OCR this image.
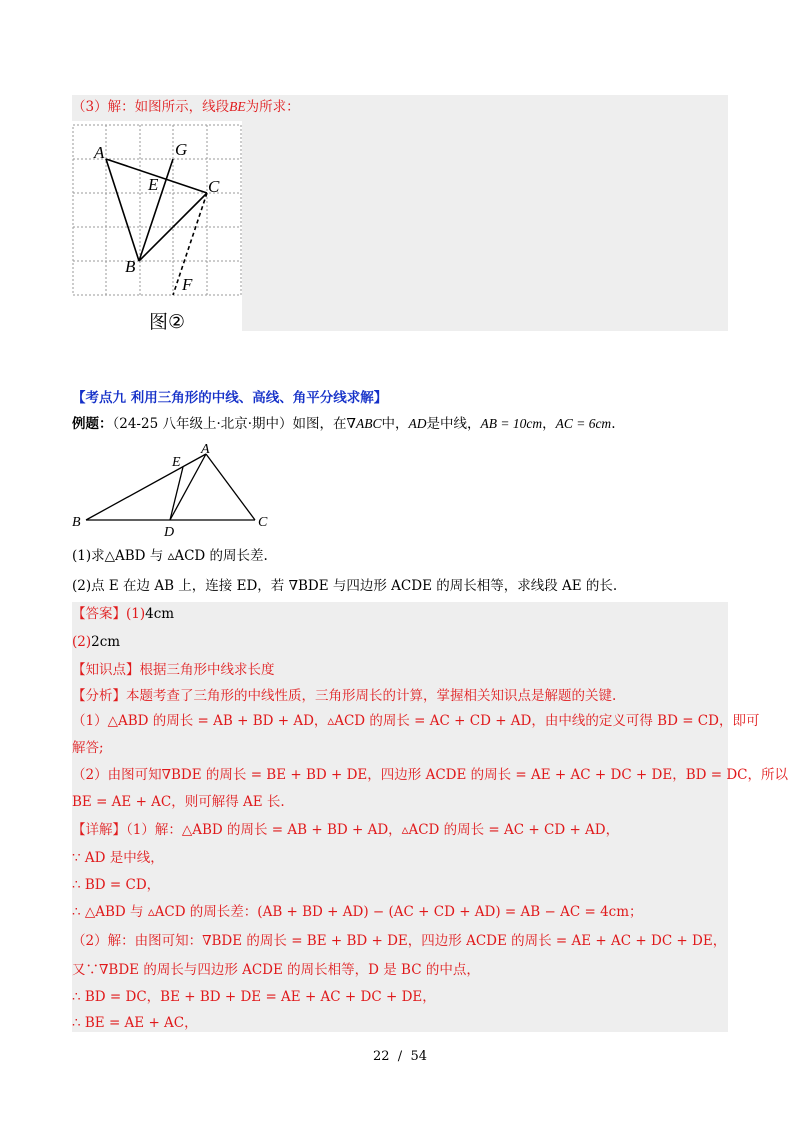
（3）解：如图所示，线段BE为所求：
A	G
E	C
B
F
图②
【考点九 利用三角形的中线、高线、角平分线求解】
例题：（24-25 八年级上·北京·期中）如图，在∇ABC中，AD是中线，AB = 10cm，AC = 6cm.
A
E
B
D
C
(1)求△ABD 与 ▵ACD 的周长差.
(2)点 E 在边 AB 上，连接 ED，若 ∇BDE 与四边形 ACDE 的周长相等，求线段 AE 的长.
【答案】(1)4cm
(2)2cm
【知识点】根据三角形中线求长度
【分析】本题考查了三角形的中线性质，三角形周长的计算，掌握相关知识点是解题的关键.
（1）△ABD 的周长 = AB + BD + AD，▵ACD 的周长 = AC + CD + AD，由中线的定义可得 BD = CD，即可
解答;
（2）由图可知∇BDE 的周长 = BE + BD + DE，四边形 ACDE 的周长 = AE + AC + DC + DE，BD = DC，所以
BE = AE + AC，则可解得 AE 长.
【详解】（1）解：△ABD 的周长 = AB + BD + AD，▵ACD 的周长 = AC + CD + AD，
∵ AD 是中线，
∴ BD = CD，
∴ △ABD 与 ▵ACD 的周长差：(AB + BD + AD) − (AC + CD + AD) = AB − AC = 4cm；
（2）解：由图可知：∇BDE 的周长 = BE + BD + DE，四边形 ACDE 的周长 = AE + AC + DC + DE，
又∵∇BDE 的周长与四边形 ACDE 的周长相等，D 是 BC 的中点，
∴ BD = DC，BE + BD + DE = AE + AC + DC + DE，
∴ BE = AE + AC，
22  /  54
